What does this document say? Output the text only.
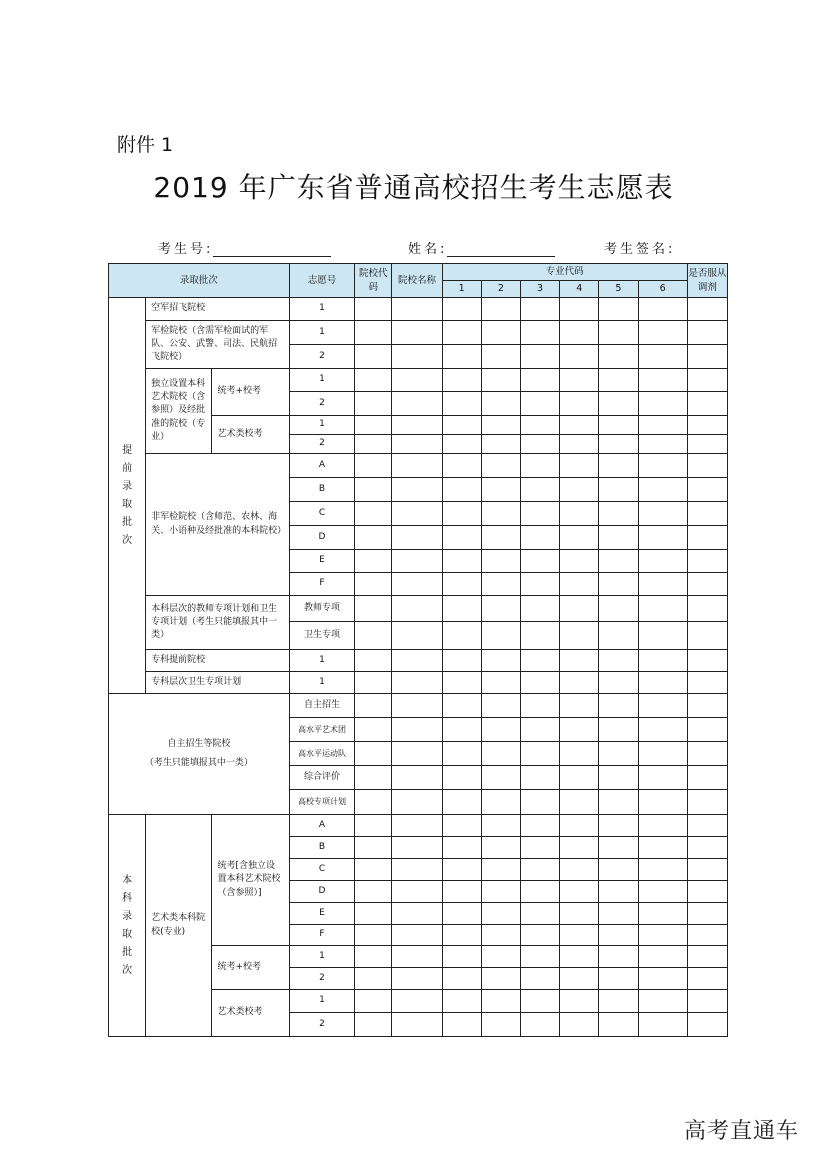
附件 1
2019 年广东省普通高校招生考生志愿表
考生号:	姓名:	考生签名:
录取批次			志愿号	院校代码	院校名称	专业代码						是否服从调剂
						1	2	3	4	5	6	
提前录取批次	空军招飞院校		1									
	军检院校（含需军检面试的军队、公安、武警、司法、民航招飞院校）		1									
			2									
	独立设置本科艺术院校（含参照）及经批准的院校（专业）	统考+校考	1									
			2									
		艺术类校考	1									
			2									
	非军检院校（含师范、农林、海关、小语种及经批准的本科院校）		A									
			B									
			C									
			D									
			E									
			F									
	本科层次的教师专项计划和卫生专项计划（考生只能填报其中一类）		教师专项									
			卫生专项									
	专科提前院校		1									
	专科层次卫生专项计划		1									

自主招生等院校
（考生只能填报其中一类）			自主招生									
			高水平艺术团									
			高水平运动队									
			综合评价									
			高校专项计划									
本科录取批次	艺术类本科院校(专业)	统考[含独立设置本科艺术院校（含参照）]	A									
			B									
			C									
			D									
			E									
			F									
		统考+校考	1									
			2									
		艺术类校考	1									
			2									
高考直通车
